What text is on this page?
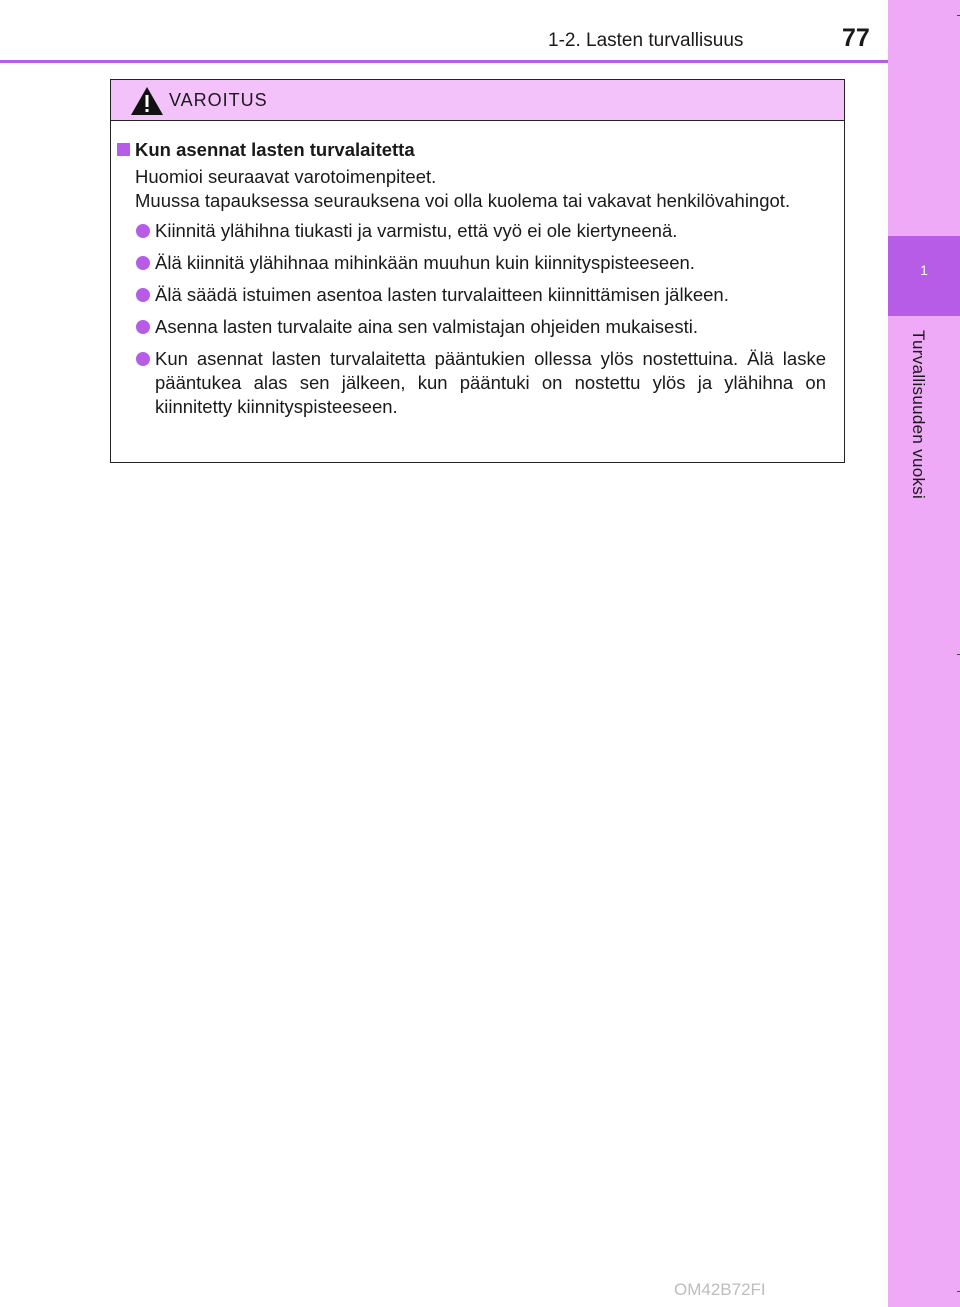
1
Turvallisuuden vuoksi
1-2. Lasten turvallisuus	77
VAROITUS
Kun asennat lasten turvalaitetta
Huomioi seuraavat varotoimenpiteet.
Muussa tapauksessa seurauksena voi olla kuolema tai vakavat henkilövahingot.
Kiinnitä ylähihna tiukasti ja varmistu, että vyö ei ole kiertyneenä.
Älä kiinnitä ylähihnaa mihinkään muuhun kuin kiinnityspisteeseen.
Älä säädä istuimen asentoa lasten turvalaitteen kiinnittämisen jälkeen.
Asenna lasten turvalaite aina sen valmistajan ohjeiden mukaisesti.
Kun asennat lasten turvalaitetta pääntukien ollessa ylös nostettuina. Älä laske pääntukea alas sen jälkeen, kun pääntuki on nostettu ylös ja ylähihna on kiinnitetty kiinnityspisteeseen.
OM42B72FI
